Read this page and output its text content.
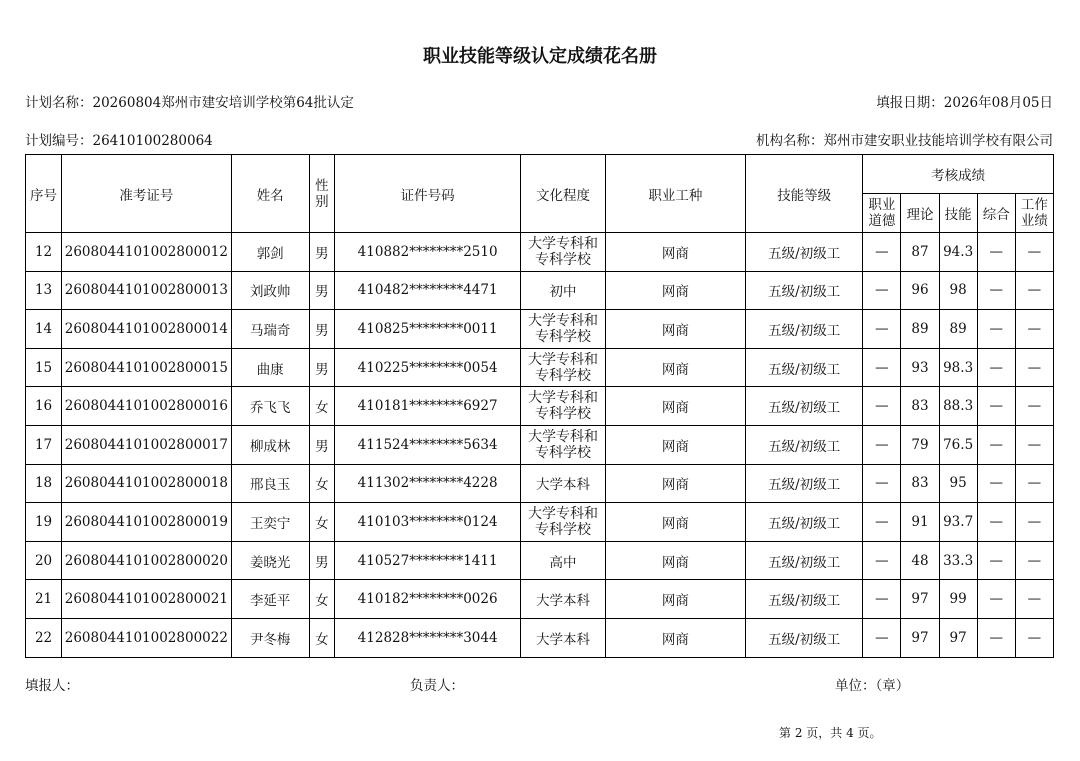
职业技能等级认定成绩花名册
计划名称：20260804郑州市建安培训学校第64批认定	填报日期：2026年08月05日
计划编号：26410100280064	机构名称：郑州市建安职业技能培训学校有限公司
序号	准考证号	姓名	性别	证件号码	文化程度	职业工种	技能等级	考核成绩				
								职业道德	理论	技能	综合	工作业绩
12	2608044101002800012	郭剑	男	410882********2510	大学专科和专科学校	网商	五级/初级工	—	87	94.3	—	—
13	2608044101002800013	刘政帅	男	410482********4471	初中	网商	五级/初级工	—	96	98	—	—
14	2608044101002800014	马瑞奇	男	410825********0011	大学专科和专科学校	网商	五级/初级工	—	89	89	—	—
15	2608044101002800015	曲康	男	410225********0054	大学专科和专科学校	网商	五级/初级工	—	93	98.3	—	—
16	2608044101002800016	乔飞飞	女	410181********6927	大学专科和专科学校	网商	五级/初级工	—	83	88.3	—	—
17	2608044101002800017	柳成林	男	411524********5634	大学专科和专科学校	网商	五级/初级工	—	79	76.5	—	—
18	2608044101002800018	邢良玉	女	411302********4228	大学本科	网商	五级/初级工	—	83	95	—	—
19	2608044101002800019	王奕宁	女	410103********0124	大学专科和专科学校	网商	五级/初级工	—	91	93.7	—	—
20	2608044101002800020	姜晓光	男	410527********1411	高中	网商	五级/初级工	—	48	33.3	—	—
21	2608044101002800021	李延平	女	410182********0026	大学本科	网商	五级/初级工	—	97	99	—	—
22	2608044101002800022	尹冬梅	女	412828********3044	大学本科	网商	五级/初级工	—	97	97	—	—
填报人：	负责人：	单位：（章）
第 2 页，共 4 页。
